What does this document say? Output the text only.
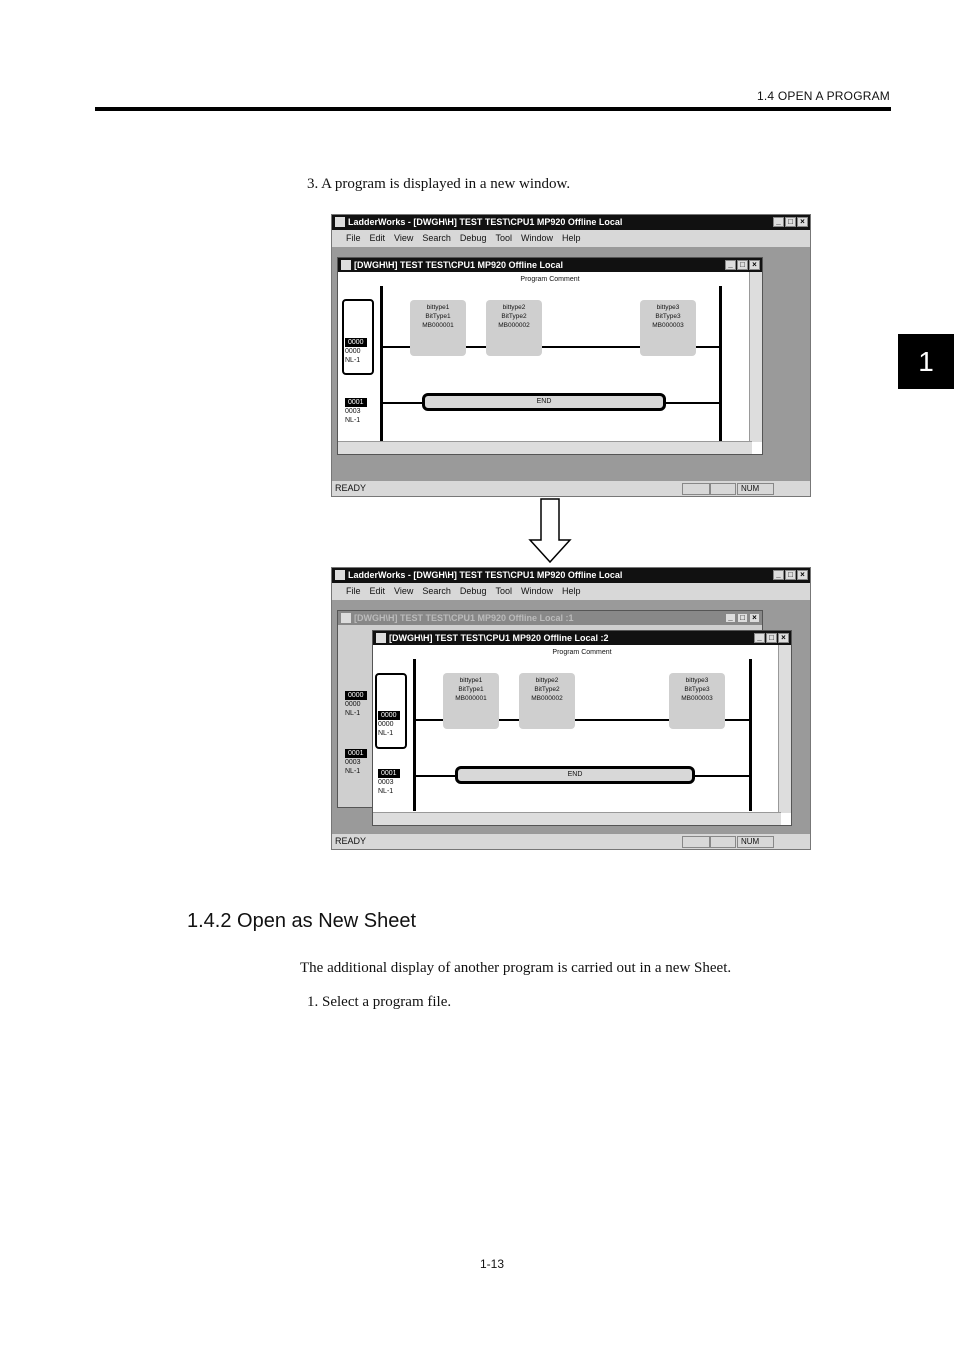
1.4 OPEN A PROGRAM
1
3. A program is displayed in a new window.
LadderWorks - [DWGH\H] TEST TEST\CPU1 MP920 Offline Local	_ □ ×
File Edit View Search Debug Tool Window Help
[DWGH\H] TEST TEST\CPU1 MP920 Offline Local	_ □ ×
Program Comment
0000
0000
NL-1
0001
0003
NL-1
bittype1
BitType1
MB000001
bittype2
BitType2
MB000002
bittype3
BitType3
MB000003
END
READY	NUM
LadderWorks - [DWGH\H] TEST TEST\CPU1 MP920 Offline Local	_ □ ×
File Edit View Search Debug Tool Window Help
[DWGH\H] TEST TEST\CPU1 MP920 Offline Local :1	_ □ ×
0000
0000
NL-1
0001
0003
NL-1
[DWGH\H] TEST TEST\CPU1 MP920 Offline Local :2	_ □ ×
Program Comment
0000
0000
NL-1
0001
0003
NL-1
bittype1
BitType1
MB000001
bittype2
BitType2
MB000002
bittype3
BitType3
MB000003
END
READY	NUM
1.4.2 Open as New Sheet
The additional display of another program is carried out in a new Sheet.
1. Select a program file.
1-13
